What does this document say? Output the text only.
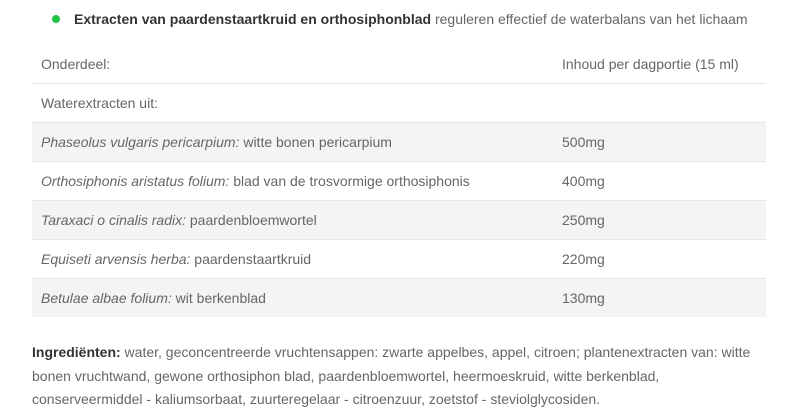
Extracten van paardenstaartkruid en orthosiphonblad reguleren effectief de waterbalans van het lichaam
Onderdeel:	Inhoud per dagportie (15 ml)
Waterextracten uit:	
Phaseolus vulgaris pericarpium: witte bonen pericarpium	500mg
Orthosiphonis aristatus folium: blad van de trosvormige orthosiphonis	400mg
Taraxaci o cinalis radix: paardenbloemwortel	250mg
Equiseti arvensis herba: paardenstaartkruid	220mg
Betulae albae folium: wit berkenblad	130mg
Ingrediënten: water, geconcentreerde vruchtensappen: zwarte appelbes, appel, citroen; plantenextracten van: witte bonen vruchtwand, gewone orthosiphon blad, paardenbloemwortel, heermoeskruid, witte berkenblad, conserveermiddel - kaliumsorbaat, zuurteregelaar - citroenzuur, zoetstof - steviolglycosiden.
